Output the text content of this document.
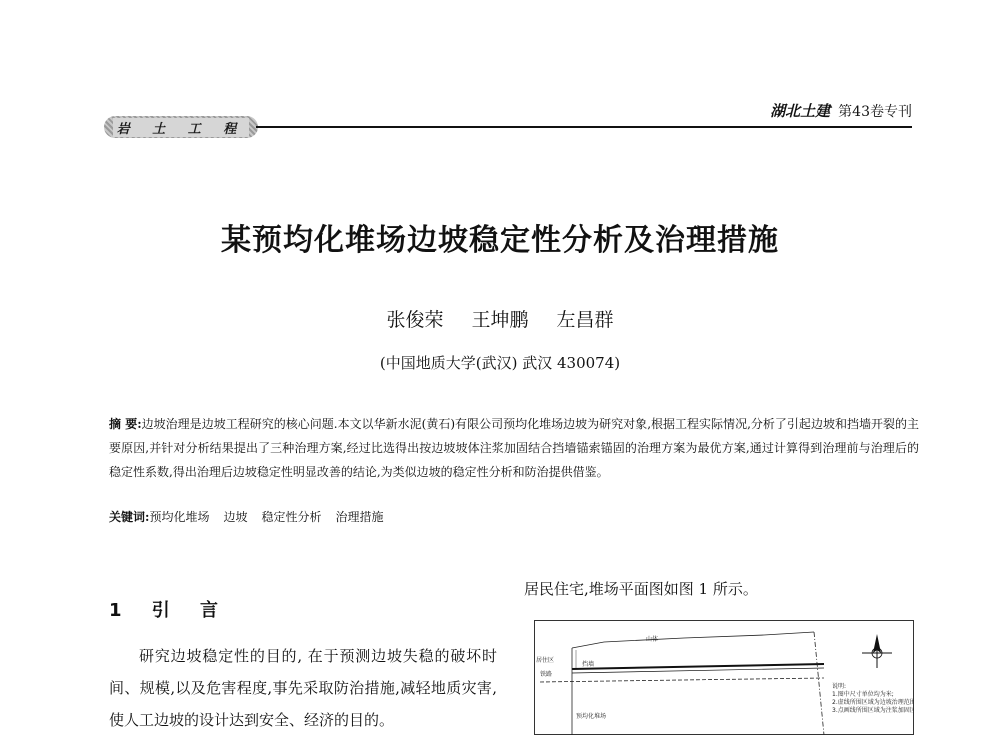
岩 土 工 程
湖北土建 第43卷专刊
某预均化堆场边坡稳定性分析及治理措施
张俊荣 王坤鹏 左昌群
(中国地质大学(武汉) 武汉 430074)
摘 要:边坡治理是边坡工程研究的核心问题.本文以华新水泥(黄石)有限公司预均化堆场边坡为研究对象,根据工程实际情况,分析了引起边坡和挡墙开裂的主要原因,并针对分析结果提出了三种治理方案,经过比选得出按边坡坡体注浆加固结合挡墙锚索锚固的治理方案为最优方案,通过计算得到治理前与治理后的稳定性系数,得出治理后边坡稳定性明显改善的结论,为类似边坡的稳定性分析和防治提供借鉴。
关键词:预均化堆场 边坡 稳定性分析 治理措施
1 引 言

研究边坡稳定性的目的, 在于预测边坡失稳的破坏时间、规模,以及危害程度,事先采取防治措施,减轻地质灾害,使人工边坡的设计达到安全、经济的目的。

居民住宅,堆场平面图如图 1 所示。
山体
居住区
铁路
挡墙
预均化堆场
说明:
1.图中尺寸单位均为米;
2.虚线所围区域为边坡治理范围;
3.点画线所围区域为注浆加固区。
